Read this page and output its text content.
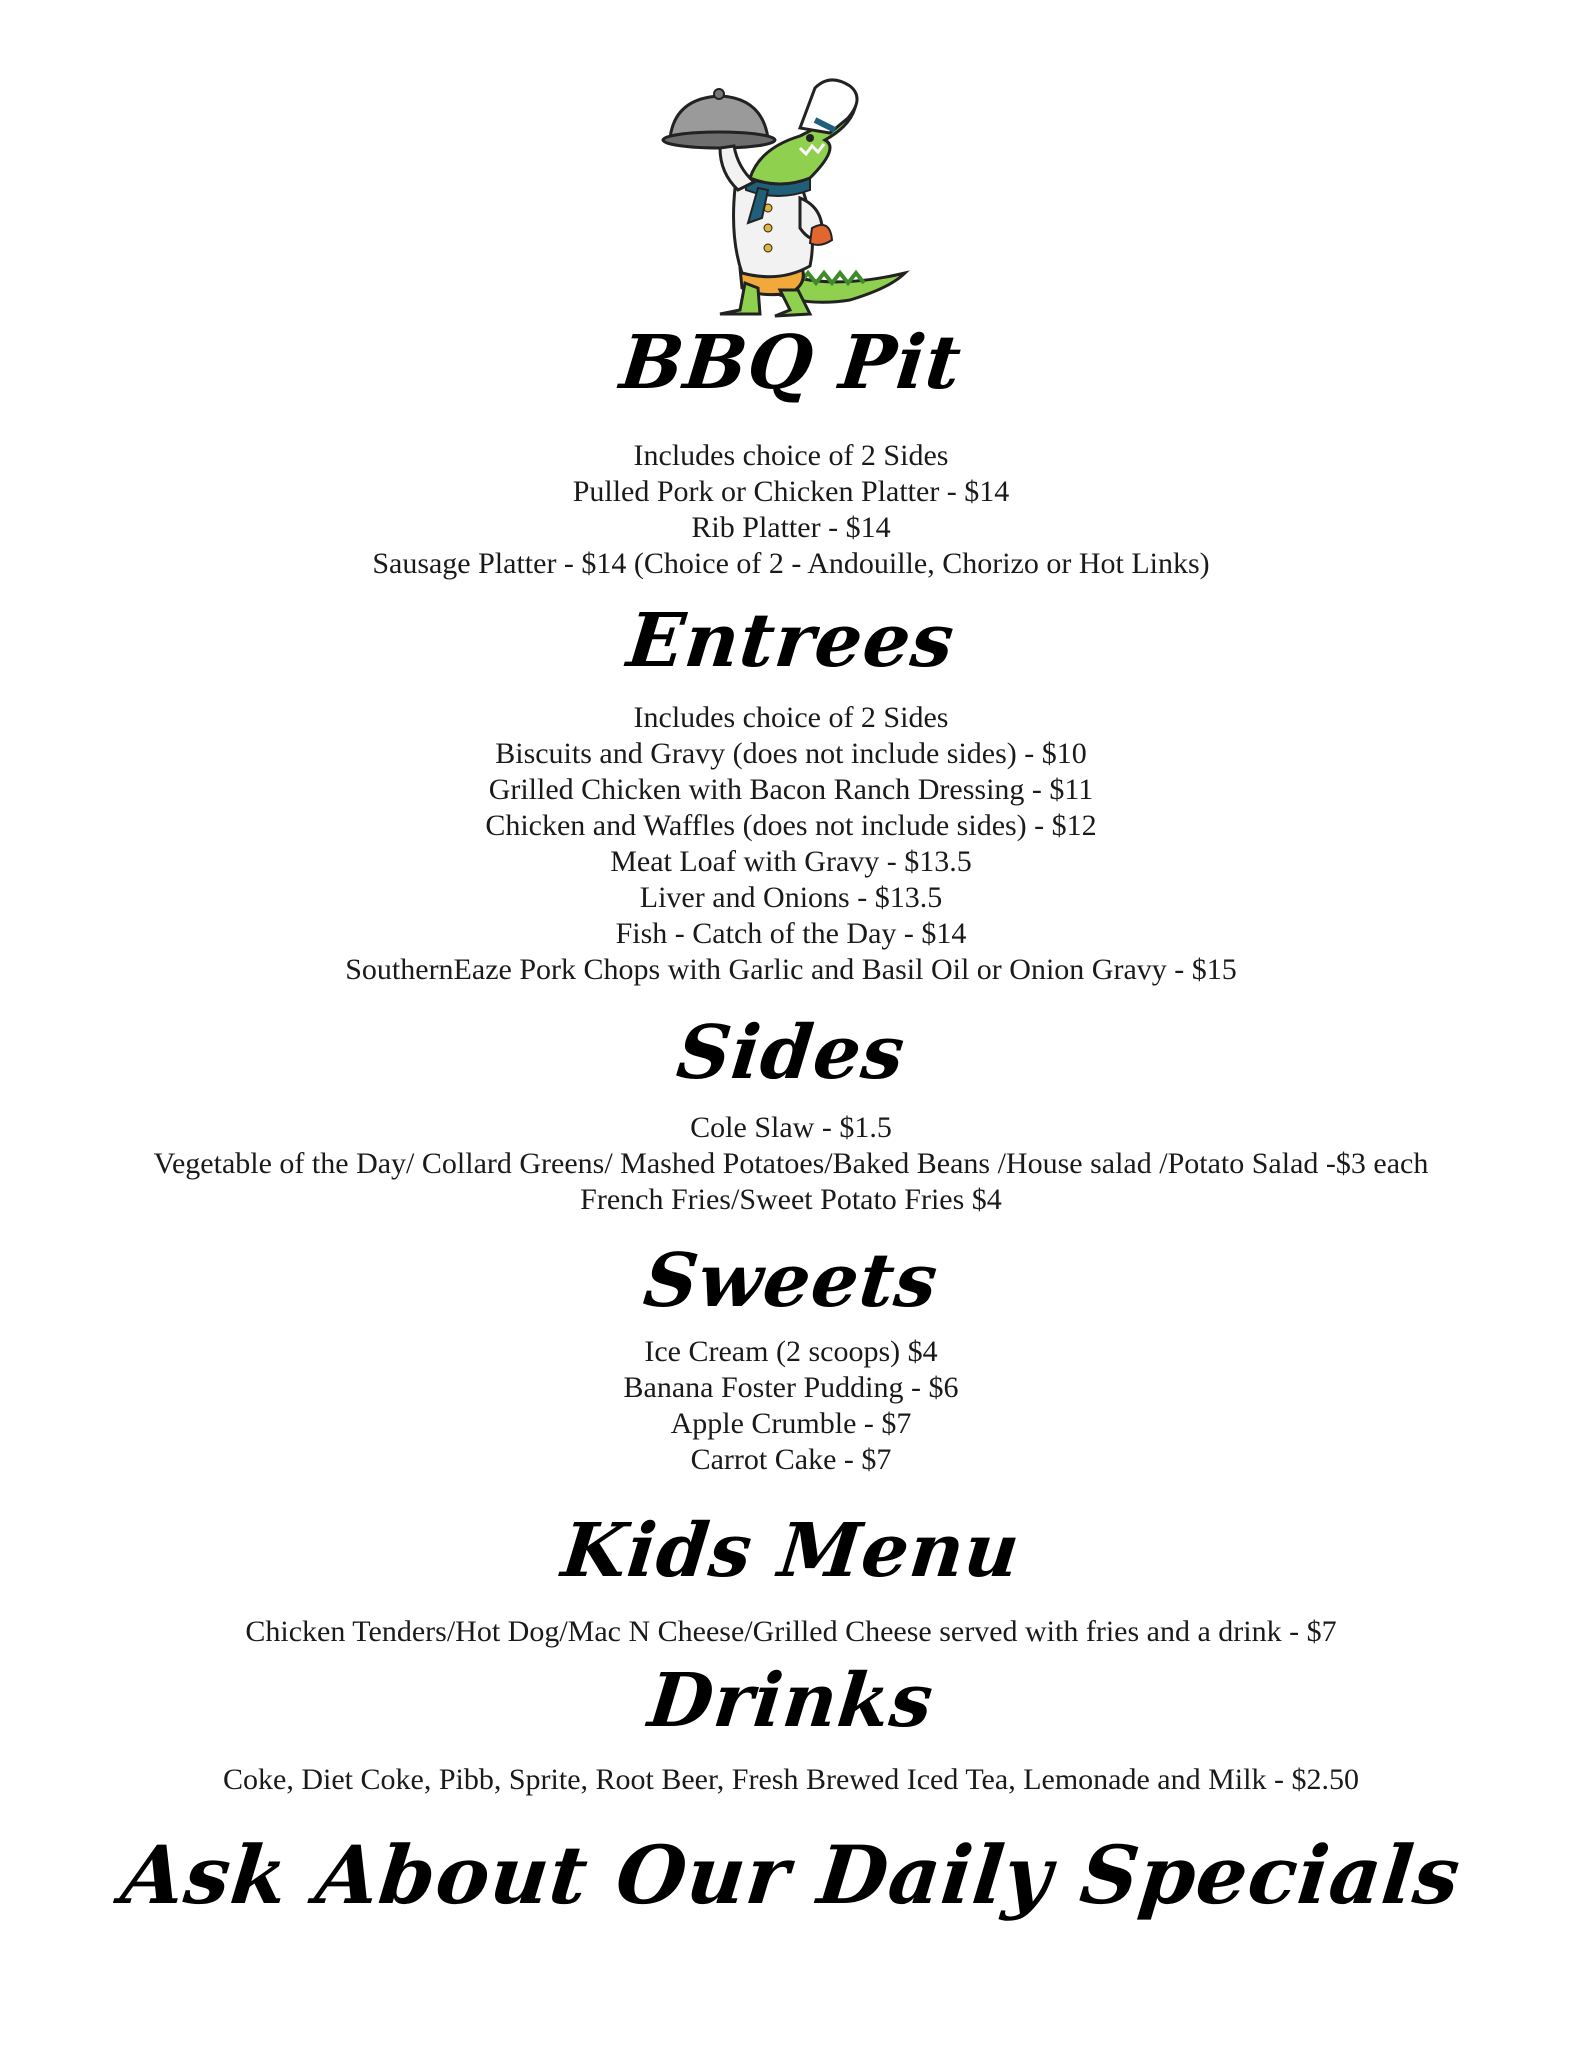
BBQ Pit
Includes choice of 2 Sides
Pulled Pork or Chicken Platter - $14
Rib Platter - $14
Sausage Platter - $14 (Choice of 2 - Andouille, Chorizo or Hot Links)
Entrees
Includes choice of 2 Sides
Biscuits and Gravy (does not include sides) - $10
Grilled Chicken with Bacon Ranch Dressing - $11
Chicken and Waffles (does not include sides) - $12
Meat Loaf with Gravy - $13.5
Liver and Onions - $13.5
Fish - Catch of the Day - $14
SouthernEaze Pork Chops with Garlic and Basil Oil or Onion Gravy - $15
Sides
Cole Slaw - $1.5
Vegetable of the Day/ Collard Greens/ Mashed Potatoes/Baked Beans /House salad /Potato Salad -$3 each
French Fries/Sweet Potato Fries $4
Sweets
Ice Cream (2 scoops) $4
Banana Foster Pudding - $6
Apple Crumble - $7
Carrot Cake - $7
Kids Menu
Chicken Tenders/Hot Dog/Mac N Cheese/Grilled Cheese served with fries and a drink - $7
Drinks
Coke, Diet Coke, Pibb, Sprite, Root Beer, Fresh Brewed Iced Tea, Lemonade and Milk - $2.50
Ask About Our Daily Specials
